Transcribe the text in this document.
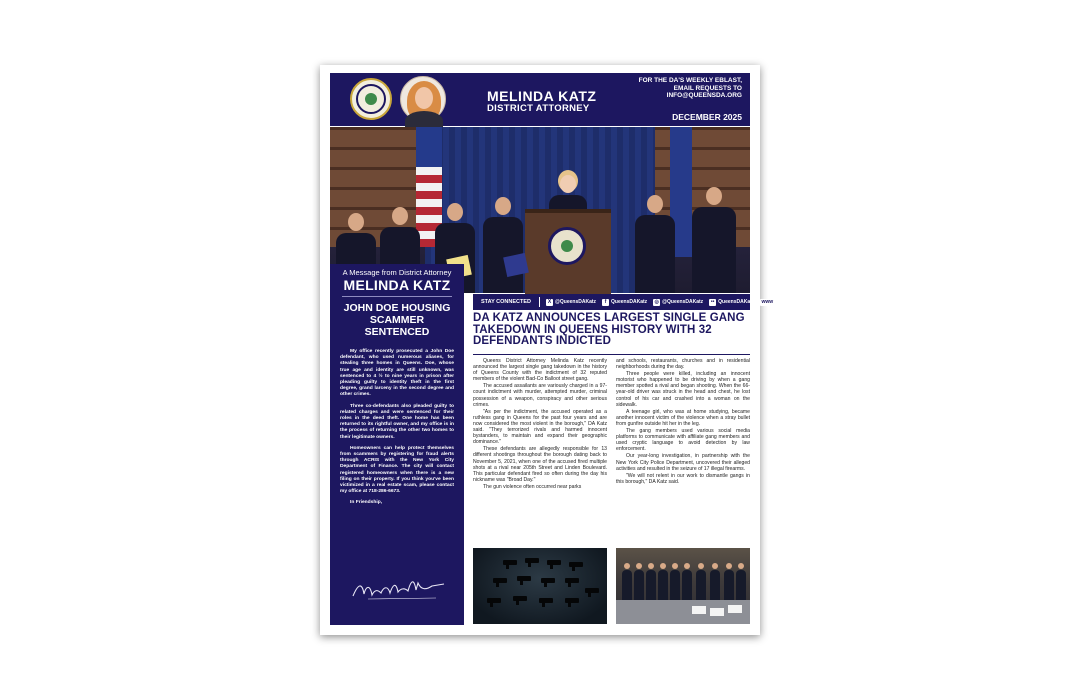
MELINDA KATZ
DISTRICT ATTORNEY
FOR THE DA'S WEEKLY EBLAST, EMAIL REQUESTS TO INFO@QUEENSDA.ORG
DECEMBER 2025
STAY CONNECTED	X @QueensDAKatz	f QueensDAKatz ◎ @QueensDAKatz	•• QueensDAKatz www queensda.org
A Message from District Attorney
MELINDA KATZ
JOHN DOE HOUSING SCAMMER SENTENCED

My office recently prosecuted a John Doe defendant, who used numerous aliases, for stealing three homes in Queens. Doe, whose true age and identity are still unknown, was sentenced to 4 ½ to nine years in prison after pleading guilty to identity theft in the first degree, grand larceny in the second degree and other crimes.

Three co-defendants also pleaded guilty to related charges and were sentenced for their roles in the deed theft. One home has been returned to its rightful owner, and my office is in the process of returning the other two homes to their legitimate owners.

Homeowners can help protect themselves from scammers by registering for fraud alerts through ACRIS with the New York City Department of Finance. The city will contact registered homeowners when there is a new filing on their property. If you think you've been victimized in a real estate scam, please contact my office at 718-286-6673.

In Friendship,

DA KATZ ANNOUNCES LARGEST SINGLE GANG TAKEDOWN IN QUEENS HISTORY WITH 32 DEFENDANTS INDICTED

Queens District Attorney Melinda Katz recently announced the largest single gang takedown in the history of Queens County with the indictment of 32 reputed members of the violent Bad-Co Balloot street gang.

The accused assailants are variously charged in a 97-count indictment with murder, attempted murder, criminal possession of a weapon, conspiracy and other serious crimes.

"As per the indictment, the accused operated as a ruthless gang in Queens for the past four years and are now considered the most violent in the borough," DA Katz said. "They terrorized rivals and harmed innocent bystanders, to maintain and expand their geographic dominance."

These defendants are allegedly responsible for 13 different shootings throughout the borough dating back to November 5, 2021, when one of the accused fired multiple shots at a rival near 205th Street and Linden Boulevard. This particular defendant fired so often during the day his nickname was "Broad Day."

The gun violence often occurred near parks

and schools, restaurants, churches and in residential neighborhoods during the day.

Three people were killed, including an innocent motorist who happened to be driving by when a gang member spotted a rival and began shooting. When the 66-year-old driver was struck in the head and chest, he lost control of his car and crashed into a woman on the sidewalk.

A teenage girl, who was at home studying, became another innocent victim of the violence when a stray bullet from gunfire outside hit her in the leg.

The gang members used various social media platforms to communicate with affiliate gang members and used cryptic language to avoid detection by law enforcement.

Our year-long investigation, in partnership with the New York City Police Department, uncovered their alleged activities and resulted in the seizure of 17 illegal firearms.

"We will not relent in our work to dismantle gangs in this borough," DA Katz said.
